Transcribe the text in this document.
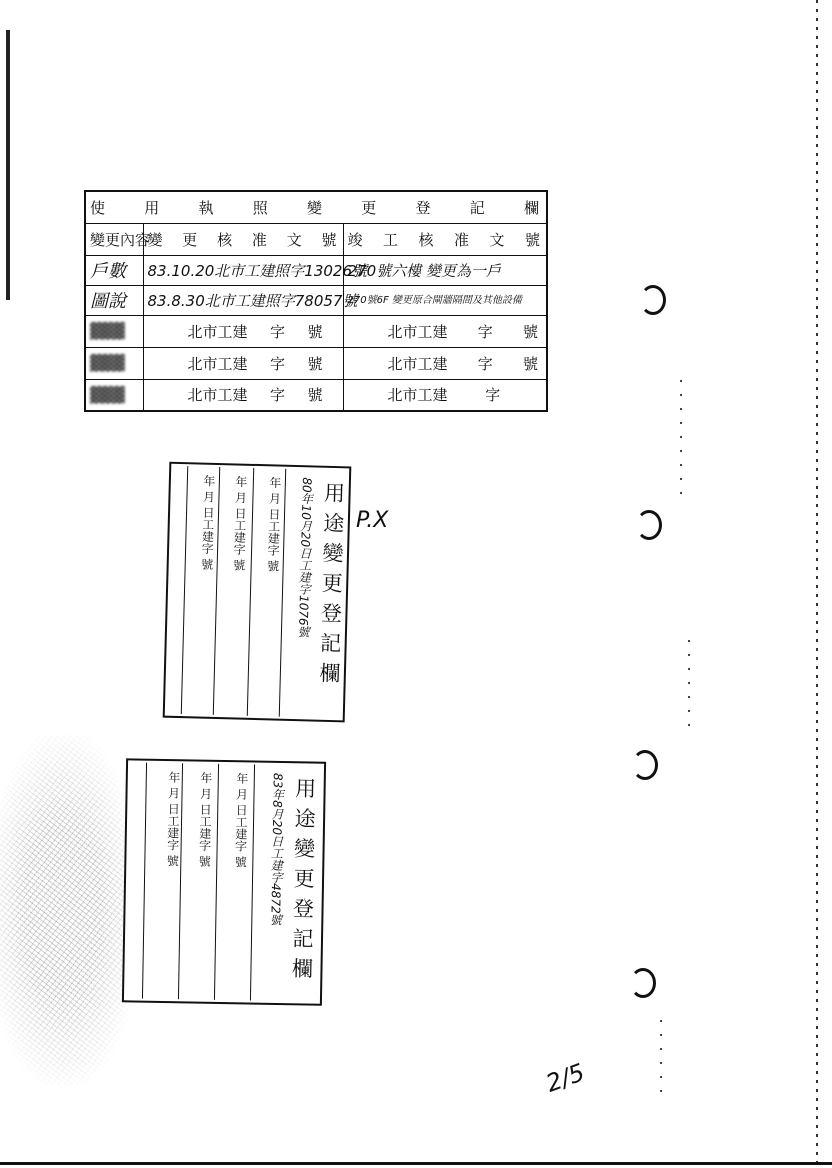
使 用 執 照 變 更 登 記 欄		
變更內容	變更核准文號	竣工核准文號
戶數	83.10.20北市工建照字13026號	270號六樓 變更為一戶
圖說	83.8.30北市工建照字78057號	270號6F 變更原合閘牆隔間及其他設備
▓▓▓	北市工建 字 號	北市工建 字 號

▓▓▓	北市工建 字 號	北市工建 字 號

▓▓▓	北市工建 字 號	北市工建 字
年 月 日工建字 號	年 月 日工建字 號	年 月 日工建字 號	80年10月20日工建字1076號 用途變更登記欄
年 月 日工建字 號	年 月 日工建字 號	年 月 日工建字 號	83年8月20日工建字4872號 用途變更登記欄
P.X
2/5
